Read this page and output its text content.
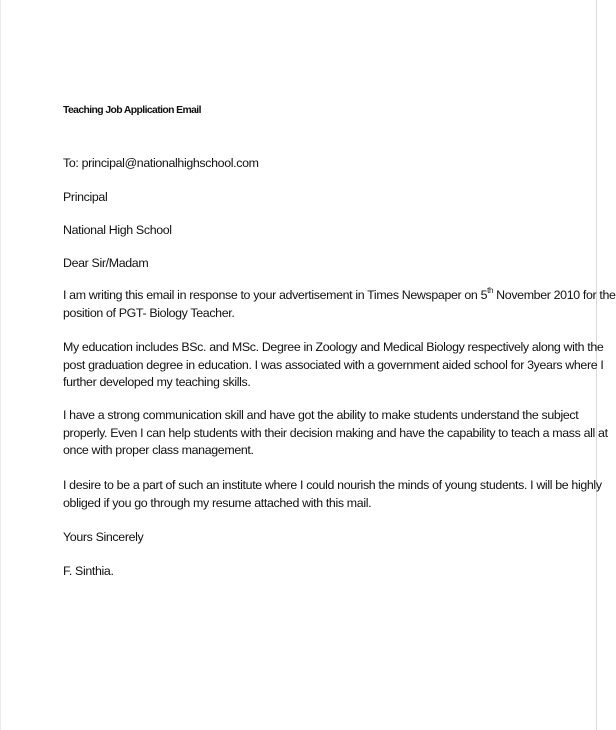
Teaching Job Application Email
To: principal@nationalhighschool.com
Principal
National High School
Dear Sir/Madam

I am writing this email in response to your advertisement in Times Newspaper on 5th November 2010 for the

position of PGT- Biology Teacher.

My education includes BSc. and MSc. Degree in Zoology and Medical Biology respectively along with the

post graduation degree in education. I was associated with a government aided school for 3years where I

further developed my teaching skills.

I have a strong communication skill and have got the ability to make students understand the subject

properly. Even I can help students with their decision making and have the capability to teach a mass all at

once with proper class management.

I desire to be a part of such an institute where I could nourish the minds of young students. I will be highly

obliged if you go through my resume attached with this mail.

Yours Sincerely
F. Sinthia.
